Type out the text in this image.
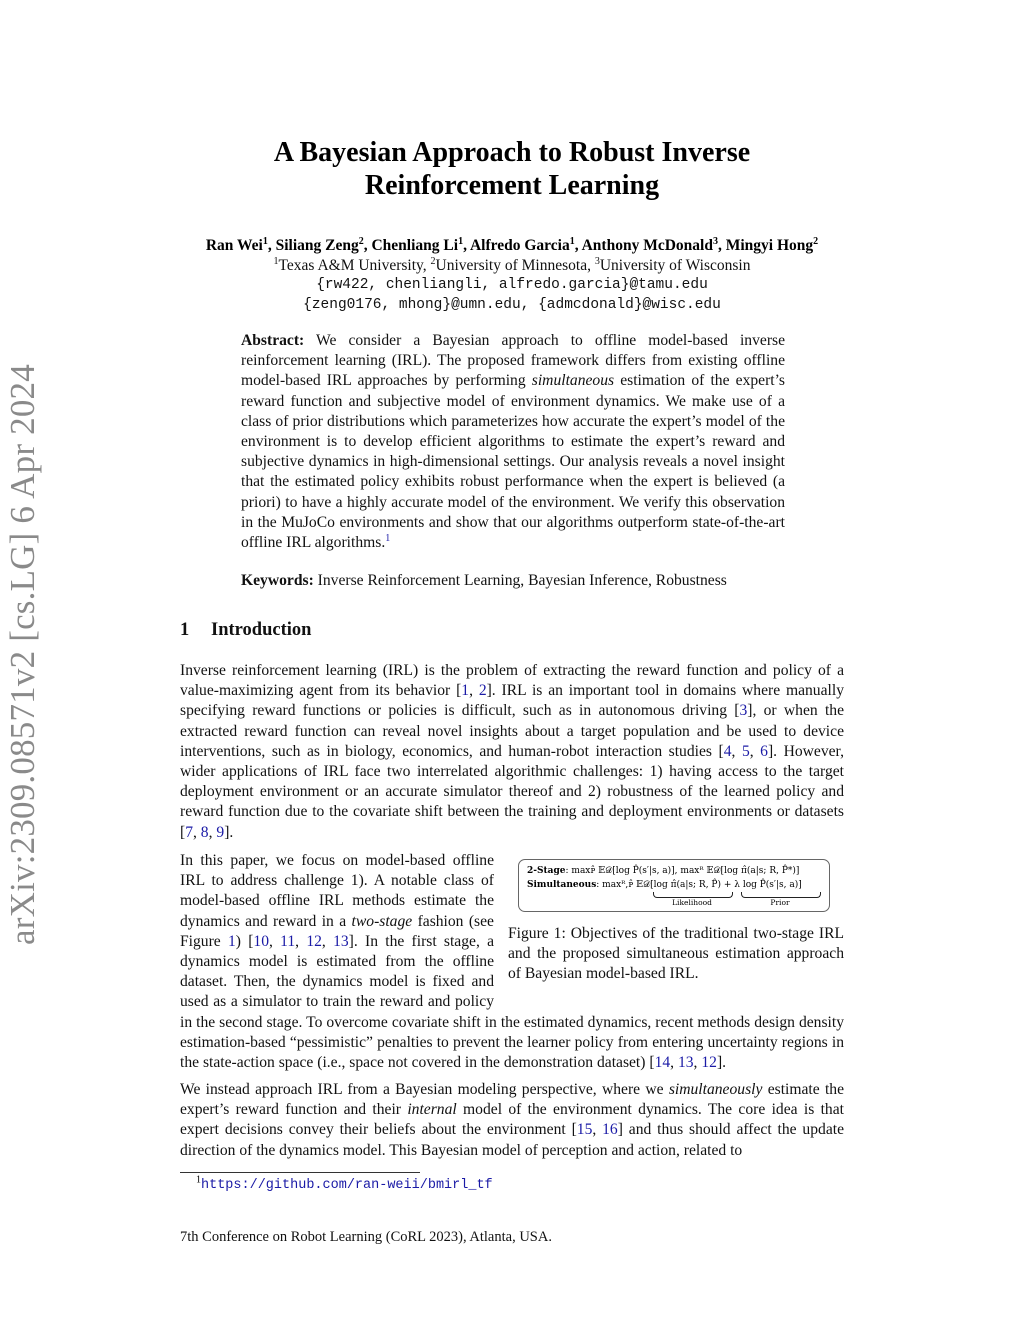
arXiv:2309.08571v2 [cs.LG] 6 Apr 2024
A Bayesian Approach to Robust Inverse
Reinforcement Learning
Ran Wei$^1$, Siliang Zeng$^2$, Chenliang Li$^1$, Alfredo Garcia$^1$, Anthony McDonald$^3$, Mingyi Hong$^2$
$^1$Texas A&M University, $^2$University of Minnesota, $^3$University of Wisconsin
{rw422, chenliangli, alfredo.garcia}@tamu.edu
{zeng0176, mhong}@umn.edu, {admcdonald}@wisc.edu
Abstract: We consider a Bayesian approach to offline model-based inverse reinforcement learning (IRL). The proposed framework differs from existing offline model-based IRL approaches by performing simultaneous estimation of the expert’s reward function and subjective model of environment dynamics. We make use of a class of prior distributions which parameterizes how accurate the expert’s model of the environment is to develop efficient algorithms to estimate the expert’s reward and subjective dynamics in high-dimensional settings. Our analysis reveals a novel insight that the estimated policy exhibits robust performance when the expert is believed (a priori) to have a highly accurate model of the environment. We verify this observation in the MuJoCo environments and show that our algorithms outperform state-of-the-art offline IRL algorithms.$^1$
Keywords: Inverse Reinforcement Learning, Bayesian Inference, Robustness
1 Introduction
Inverse reinforcement learning (IRL) is the problem of extracting the reward function and policy of a value-maximizing agent from its behavior [1, 2]. IRL is an important tool in domains where manually specifying reward functions or policies is difficult, such as in autonomous driving [3], or when the extracted reward function can reveal novel insights about a target population and be used to device interventions, such as in biology, economics, and human-robot interaction studies [4, 5, 6]. However, wider applications of IRL face two interrelated algorithmic challenges: 1) having access to the target deployment environment or an accurate simulator thereof and 2) robustness of the learned policy and reward function due to the covariate shift between the training and deployment environments or datasets [7, 8, 9].
2-Stage: maxᴘ̂ 𝔼𝒟[log P̂(s′|s, a)], maxᴿ 𝔼𝒟[log π̂(a|s; R, P̂*)]
Simultaneous: maxᴿ,ᴘ̂ 𝔼𝒟[log π̂(a|s; R, P̂) + λ log P̂(s′|s, a)]
Likelihood	Prior
Figure 1: Objectives of the traditional two-stage IRL and the proposed simultaneous estimation approach of Bayesian model-based IRL.
In this paper, we focus on model-based offline IRL to address challenge 1). A notable class of model-based offline IRL methods estimate the dynamics and reward in a two-stage fashion (see Figure 1) [10, 11, 12, 13]. In the first stage, a dynamics model is estimated from the offline dataset. Then, the dynamics model is fixed and used as a simulator to train the reward and policy in the second stage. To overcome covariate shift in the estimated dynamics, recent methods design density estimation-based “pessimistic” penalties to prevent the learner policy from entering uncertainty regions in the state-action space (i.e., space not covered in the demonstration dataset) [14, 13, 12].
We instead approach IRL from a Bayesian modeling perspective, where we simultaneously estimate the expert’s reward function and their internal model of the environment dynamics. The core idea is that expert decisions convey their beliefs about the environment [15, 16] and thus should affect the update direction of the dynamics model. This Bayesian model of perception and action, related to
$^1$https://github.com/ran-weii/bmirl_tf
7th Conference on Robot Learning (CoRL 2023), Atlanta, USA.
